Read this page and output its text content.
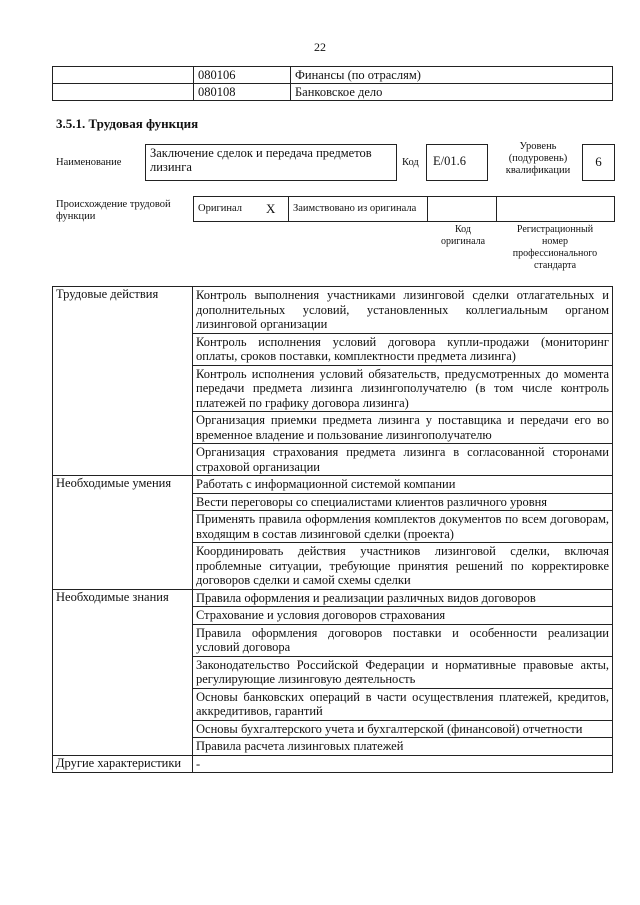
22
	080106	Финансы (по отраслям)
	080108	Банковское дело
3.5.1. Трудовая функция
Наименование
Заключение сделок и передача предметов лизинга	Код	E/01.6
Уровень (подуровень) квалификации
6
Происхождение трудовой функции
Оригинал	X	Заимствовано из оригинала		
Код оригинала
Регистрационный номер профессионального стандарта
Трудовые действия	Контроль выполнения участниками лизинговой сделки отлагательных и дополнительных условий, установленных коллегиальным органом лизинговой организации
	Контроль исполнения условий договора купли-продажи (мониторинг оплаты, сроков поставки, комплектности предмета лизинга)
	Контроль исполнения условий обязательств, предусмотренных до момента передачи предмета лизинга лизингополучателю (в том числе контроль платежей по графику договора лизинга)
	Организация приемки предмета лизинга у поставщика и передачи его во временное владение и пользование лизингополучателю
	Организация страхования предмета лизинга в согласованной сторонами страховой организации
Необходимые умения	Работать с информационной системой компании
	Вести переговоры со специалистами клиентов различного уровня
	Применять правила оформления комплектов документов по всем договорам, входящим в состав лизинговой сделки (проекта)
	Координировать действия участников лизинговой сделки, включая проблемные ситуации, требующие принятия решений по корректировке договоров сделки и самой схемы сделки
Необходимые знания	Правила оформления и реализации различных видов договоров
	Страхование и условия договоров страхования
	Правила оформления договоров поставки и особенности реализации условий договора
	Законодательство Российской Федерации и нормативные правовые акты, регулирующие лизинговую деятельность
	Основы банковских операций в части осуществления платежей, кредитов, аккредитивов, гарантий
	Основы бухгалтерского учета и бухгалтерской (финансовой) отчетности
	Правила расчета лизинговых платежей
Другие характеристики	-
